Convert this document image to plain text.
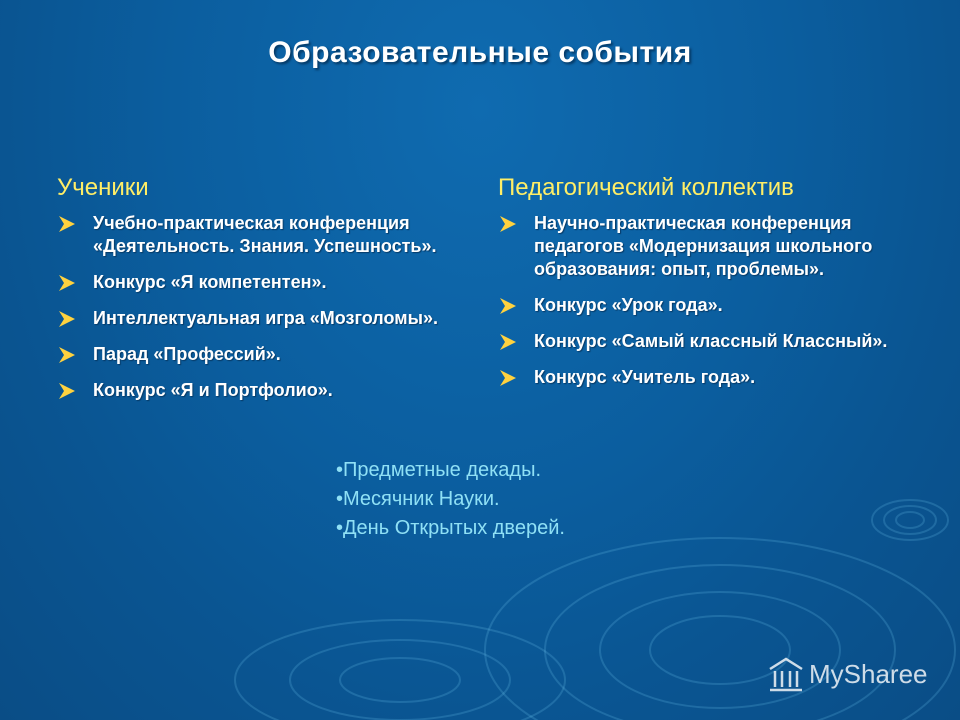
Образовательные события
Ученики
Учебно-практическая конференция «Деятельность. Знания. Успешность».
Конкурс «Я компетентен».
Интеллектуальная игра «Мозголомы».
Парад «Профессий».
Конкурс «Я и Портфолио».
Педагогический коллектив
Научно-практическая конференция педагогов «Модернизация школьного образования: опыт, проблемы».
Конкурс «Урок года».
Конкурс «Самый классный Классный».
Конкурс «Учитель года».
•Предметные декады.
•Месячник Науки.
•День Открытых дверей.
MySharee
